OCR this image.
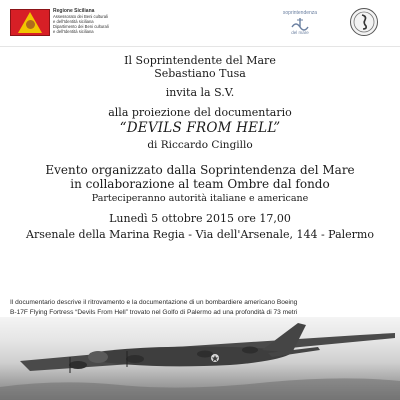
Regione Siciliana
Assessorato dei Beni culturali
e dell'Identità siciliana
Dipartimento dei Beni culturali
e dell'Identità siciliana
soprintendenza
del mare
Il Soprintendente del Mare
Sebastiano Tusa
invita la S.V.
alla proiezione del documentario
“DEVILS FROM HELL”
di Riccardo Cingillo
Evento organizzato dalla Soprintendenza del Mare
in collaborazione al team Ombre dal fondo
Parteciperanno autorità italiane e americane
Lunedì 5 ottobre 2015 ore 17,00
Arsenale della Marina Regia - Via dell'Arsenale, 144 - Palermo
Il documentario descrive il ritrovamento e la documentazione di un bombardiere americano Boeing
B-17F Flying Fortress “Devils From Hell” trovato nel Golfo di Palermo ad una profondità di 73 metri
